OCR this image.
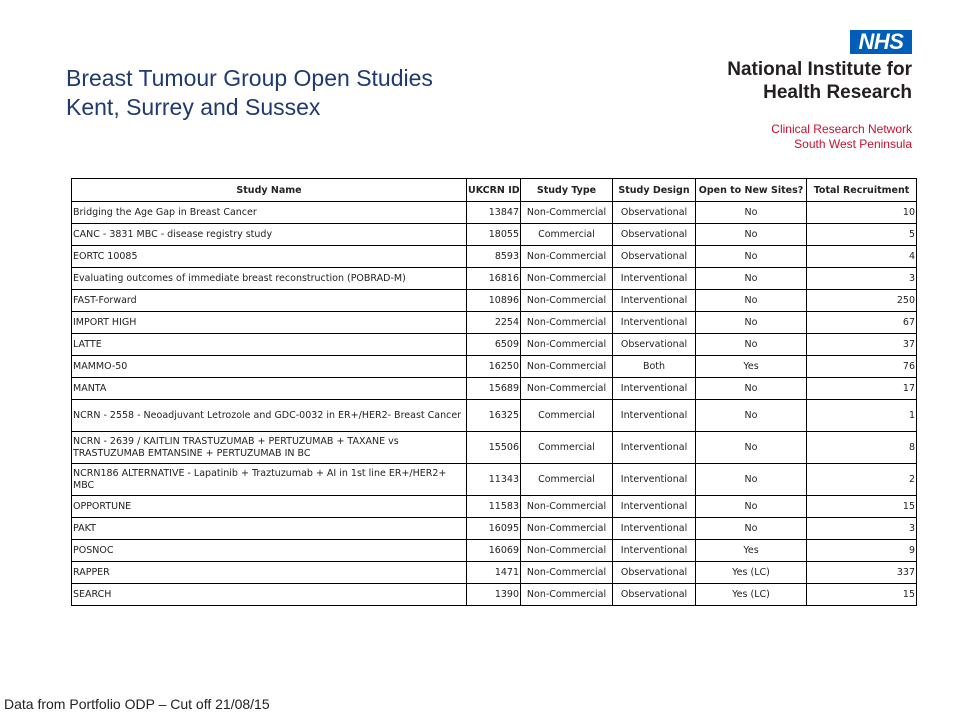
Breast Tumour Group Open Studies
Kent, Surrey and Sussex
NHS
National Institute for
Health Research
Clinical Research Network
South West Peninsula
Study Name	UKCRN ID	Study Type	Study Design	Open to New Sites?	Total Recruitment
Bridging the Age Gap in Breast Cancer	13847	Non-Commercial	Observational	No	10
CANC - 3831 MBC - disease registry study	18055	Commercial	Observational	No	5
EORTC 10085	8593	Non-Commercial	Observational	No	4
Evaluating outcomes of immediate breast reconstruction (POBRAD-M)	16816	Non-Commercial	Interventional	No	3
FAST-Forward	10896	Non-Commercial	Interventional	No	250
IMPORT HIGH	2254	Non-Commercial	Interventional	No	67
LATTE	6509	Non-Commercial	Observational	No	37
MAMMO-50	16250	Non-Commercial	Both	Yes	76
MANTA	15689	Non-Commercial	Interventional	No	17
NCRN - 2558 - Neoadjuvant Letrozole and GDC-0032 in ER+/HER2- Breast Cancer	16325	Commercial	Interventional	No	1
NCRN - 2639 / KAITLIN TRASTUZUMAB + PERTUZUMAB + TAXANE vs TRASTUZUMAB EMTANSINE + PERTUZUMAB IN BC	15506	Commercial	Interventional	No	8
NCRN186 ALTERNATIVE - Lapatinib + Traztuzumab + AI in 1st line ER+/HER2+ MBC	11343	Commercial	Interventional	No	2
OPPORTUNE	11583	Non-Commercial	Interventional	No	15
PAKT	16095	Non-Commercial	Interventional	No	3
POSNOC	16069	Non-Commercial	Interventional	Yes	9
RAPPER	1471	Non-Commercial	Observational	Yes (LC)	337
SEARCH	1390	Non-Commercial	Observational	Yes (LC)	15
Data from Portfolio ODP – Cut off 21/08/15
